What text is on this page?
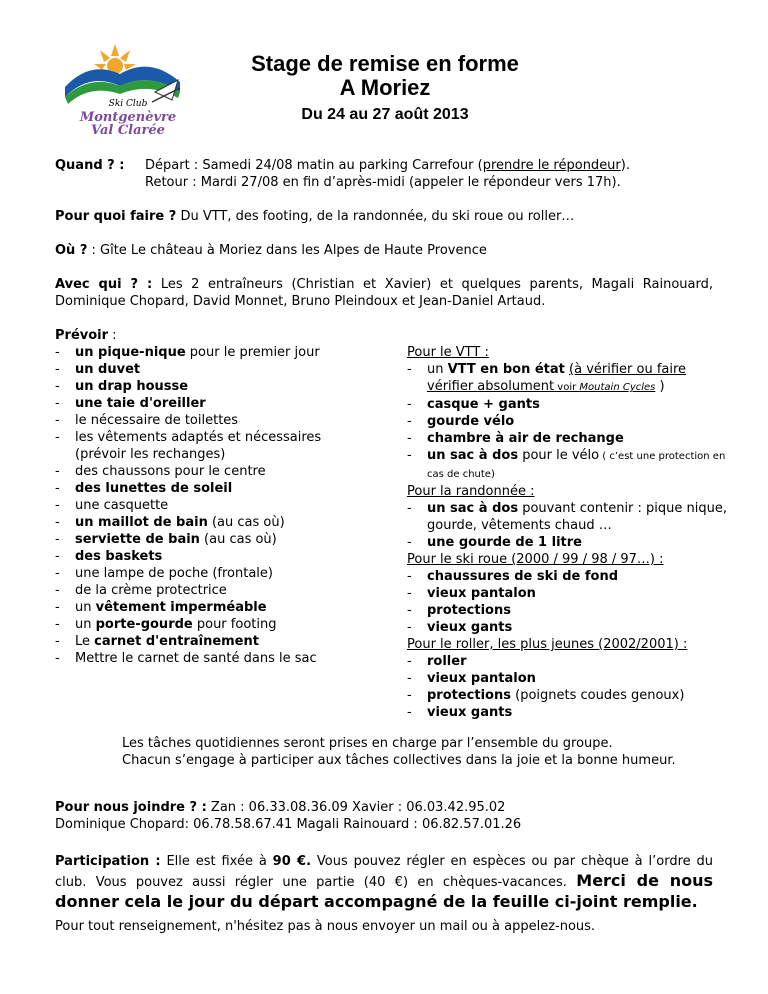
Ski Club
Montgenèvre
Val Clarée
Stage de remise en forme
A Moriez
Du 24 au 27 août 2013
Quand ? :	Départ : Samedi 24/08 matin au parking Carrefour (prendre le répondeur).
Retour : Mardi 27/08 en fin d’après-midi (appeler le répondeur vers 17h).
Pour quoi faire ? Du VTT, des footing, de la randonnée, du ski roue ou roller…
Où ? : Gîte Le château à Moriez dans les Alpes de Haute Provence
Avec qui ? : Les 2 entraîneurs (Christian et Xavier) et quelques parents, Magali Rainouard, Dominique Chopard, David Monnet, Bruno Pleindoux et Jean-Daniel Artaud.
Prévoir :
- un pique-nique pour le premier jour
- un duvet
- un drap housse
- une taie d'oreiller
- le nécessaire de toilettes
- les vêtements adaptés et nécessaires (prévoir les rechanges)
- des chaussons pour le centre
- des lunettes de soleil
- une casquette
- un maillot de bain (au cas où)
- serviette de bain (au cas où)
- des baskets
- une lampe de poche (frontale)
- de la crème protectrice
- un vêtement imperméable
- un porte-gourde pour footing
- Le carnet d'entraînement
- Mettre le carnet de santé dans le sac
Pour le VTT :
- un VTT en bon état (à vérifier ou faire vérifier absolument voir Moutain Cycles )
- casque + gants
- gourde vélo
- chambre à air de rechange
- un sac à dos pour le vélo ( c’est une protection en cas de chute)
Pour la randonnée :
- un sac à dos pouvant contenir : pique nique, gourde, vêtements chaud …
- une gourde de 1 litre
Pour le ski roue (2000 / 99 / 98 / 97…) :
- chaussures de ski de fond
- vieux pantalon
- protections
- vieux gants
Pour le roller, les plus jeunes (2002/2001) :
- roller
- vieux pantalon
- protections (poignets coudes genoux)
- vieux gants
Les tâches quotidiennes seront prises en charge par l’ensemble du groupe.
Chacun s’engage à participer aux tâches collectives dans la joie et la bonne humeur.
Pour nous joindre ? : Zan : 06.33.08.36.09 Xavier : 06.03.42.95.02
Dominique Chopard: 06.78.58.67.41 Magali Rainouard : 06.82.57.01.26
Participation : Elle est fixée à 90 €. Vous pouvez régler en espèces ou par chèque à l’ordre du club. Vous pouvez aussi régler une partie (40 €) en chèques-vacances. Merci de nous donner cela le jour du départ accompagné de la feuille ci-joint remplie.
Pour tout renseignement, n'hésitez pas à nous envoyer un mail ou à appelez-nous.
